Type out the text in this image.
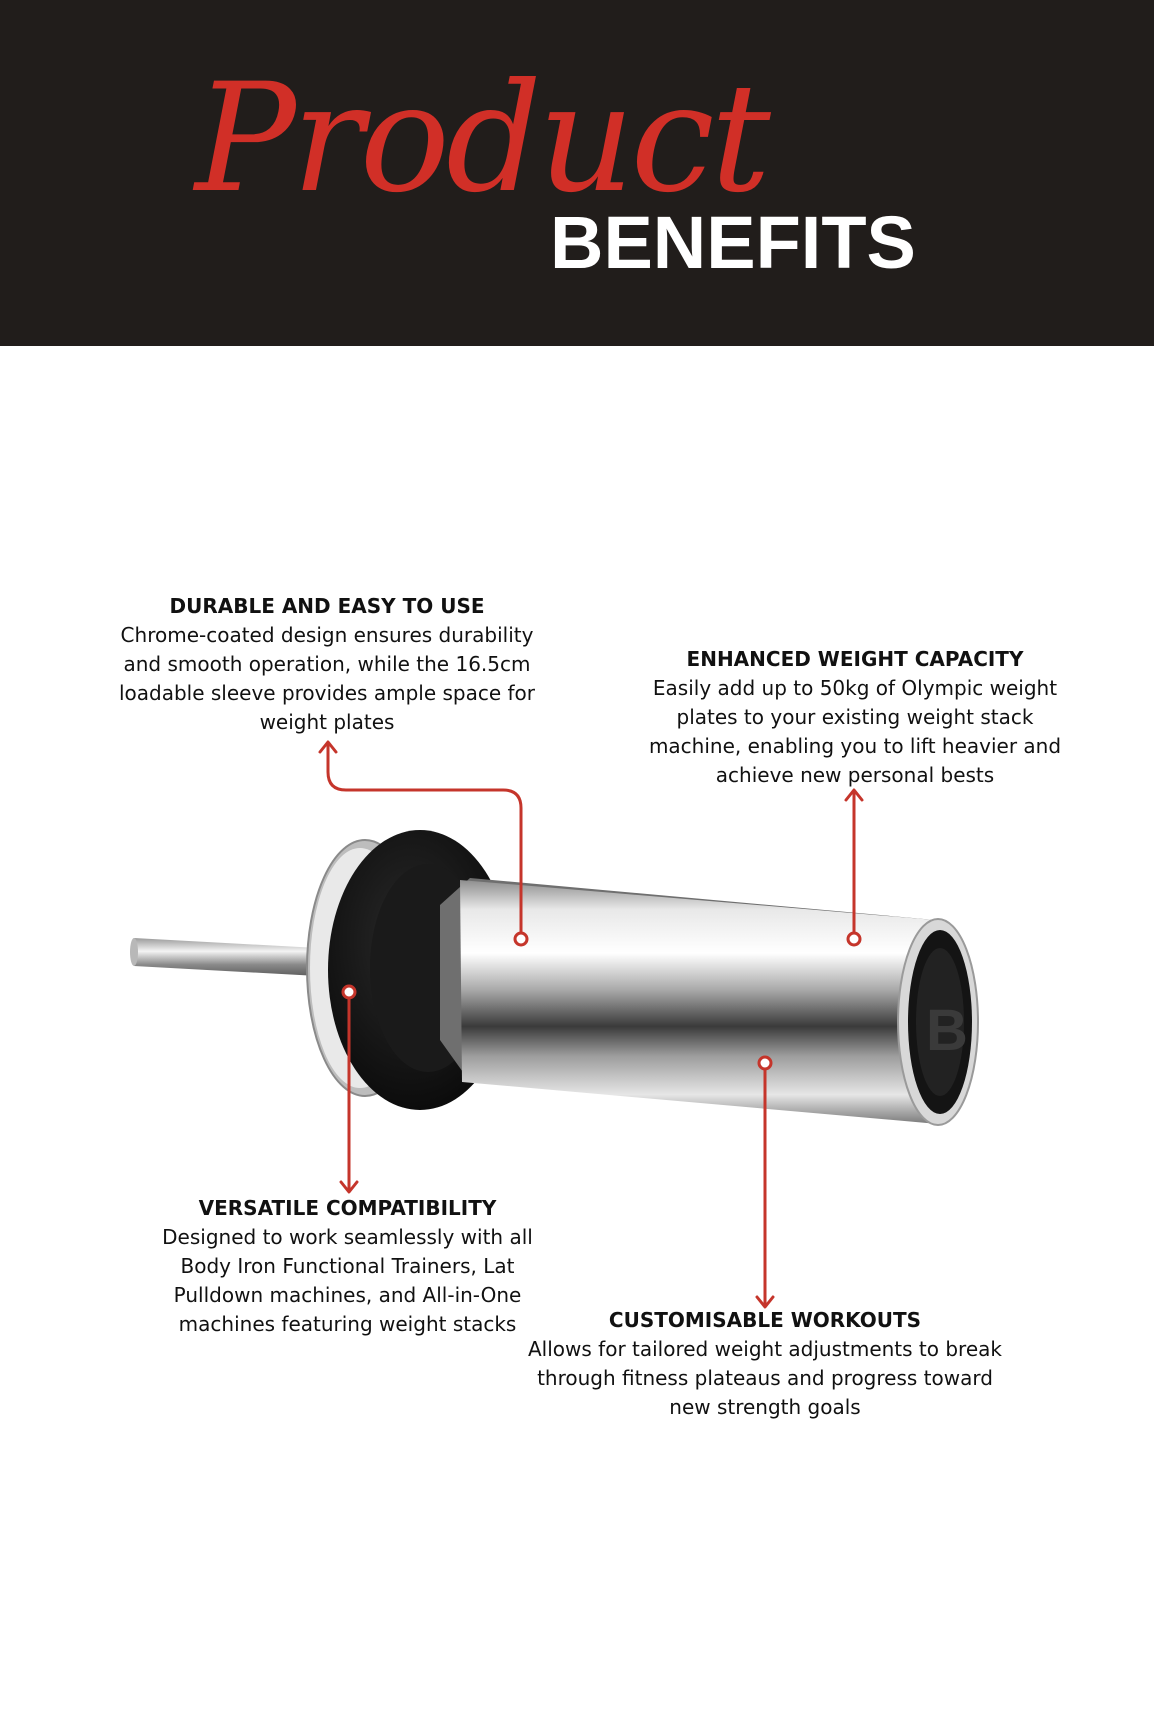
Product
BENEFITS
B
DURABLE AND EASY TO USE

Chrome-coated design ensures durability and smooth operation, while the 16.5cm loadable sleeve provides ample space for weight plates

ENHANCED WEIGHT CAPACITY

Easily add up to 50kg of Olympic weight plates to your existing weight stack machine, enabling you to lift heavier and achieve new personal bests

VERSATILE COMPATIBILITY

Designed to work seamlessly with all Body Iron Functional Trainers, Lat Pulldown machines, and All-in-One machines featuring weight stacks	CUSTOMISABLE WORKOUTS

Allows for tailored weight adjustments to break through fitness plateaus and progress toward new strength goals
